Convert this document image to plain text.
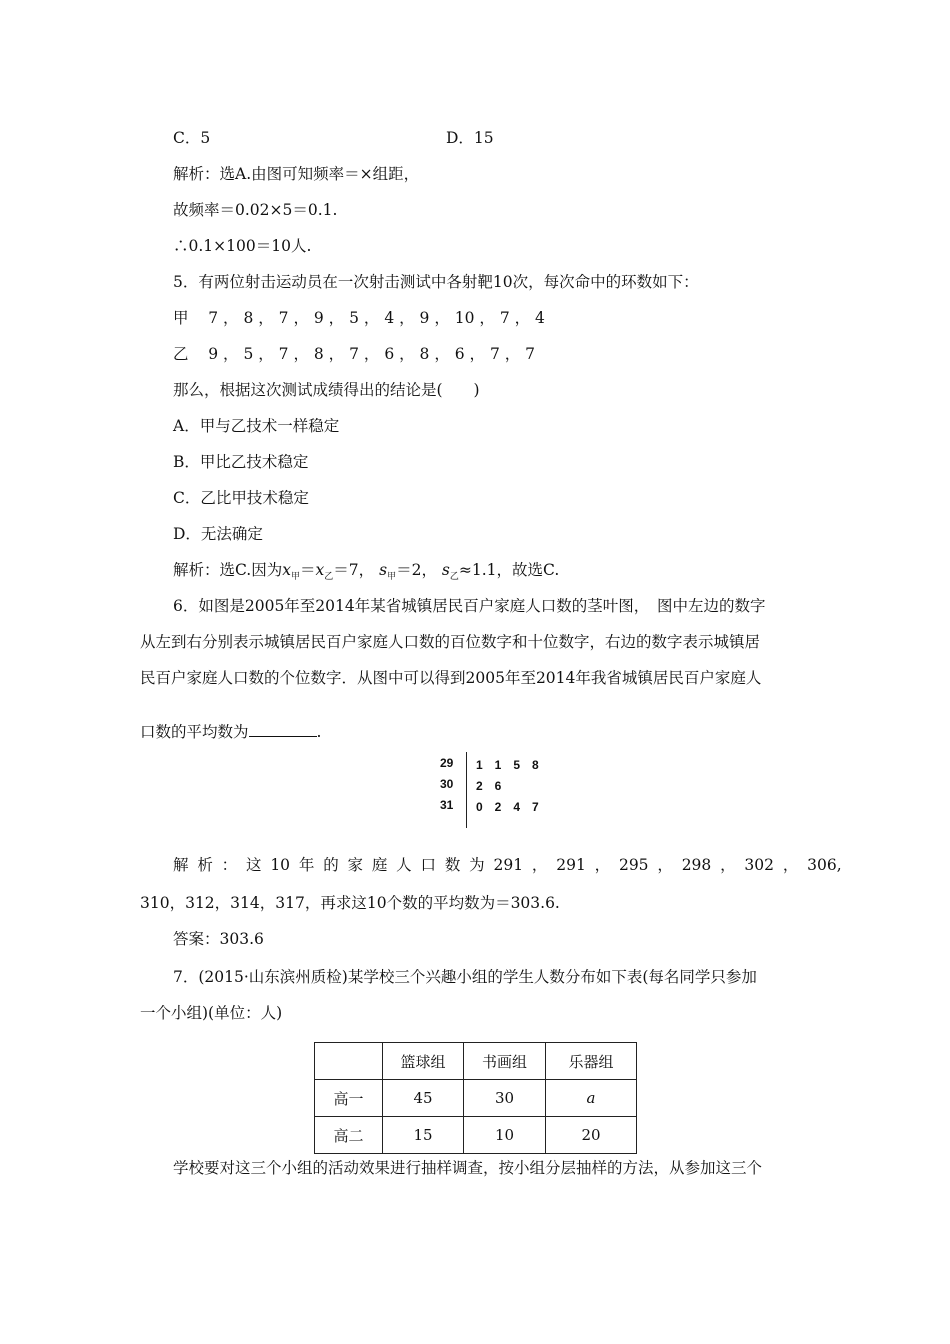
C．5	D．15
解析：选A.由图可知频率＝×组距，
故频率＝0.02×5＝0.1.
∴0.1×100＝10人.
5．有两位射击运动员在一次射击测试中各射靶10次，每次命中的环数如下：
甲 7 ， 8 ， 7 ， 9 ， 5 ， 4 ， 9 ， 10 ， 7 ， 4
乙 9 ， 5 ， 7 ， 8 ， 7 ， 6 ， 8 ， 6 ， 7 ， 7
那么，根据这次测试成绩得出的结论是(　　)
A．甲与乙技术一样稳定
B．甲比乙技术稳定
C．乙比甲技术稳定
D．无法确定
解析：选C.因为$x_甲=x_乙=7$， $s_甲=2$， $s_乙\approx 1.1$，故选C.
6．如图是2005年至2014年某省城镇居民百户家庭人口数的茎叶图，　图中左边的数字
从左到右分别表示城镇居民百户家庭人口数的百位数字和十位数字，右边的数字表示城镇居
民百户家庭人口数的个位数字．从图中可以得到2005年至2014年我省城镇居民百户家庭人
口数的平均数为	.
29 1　1　5　8
30 2　6
31 0　2　4　7
解 析 ： 这 10 年 的 家 庭 人 口 数 为 291 ， 291 ， 295 ， 298 ， 302 ， 306,
310，312，314，317，再求这10个数的平均数为＝303.6.
答案：303.6
7．(2015·山东滨州质检)某学校三个兴趣小组的学生人数分布如下表(每名同学只参加
一个小组)(单位：人)
	篮球组	书画组	乐器组
高一	45	30	a
高二	15	10	20
学校要对这三个小组的活动效果进行抽样调查，按小组分层抽样的方法，从参加这三个
